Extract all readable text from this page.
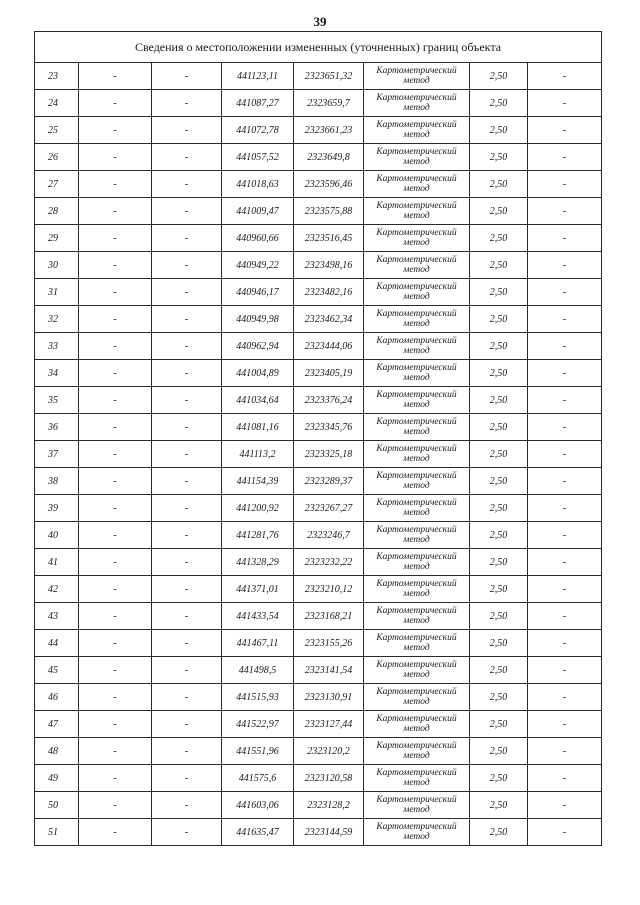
39
Сведения о местоположении измененных (уточненных) границ объекта							
23	-	-	441123,11	2323651,32	Картометрический
метод	2,50	-
24	-	-	441087,27	2323659,7	Картометрический
метод	2,50	-
25	-	-	441072,78	2323661,23	Картометрический
метод	2,50	-
26	-	-	441057,52	2323649,8	Картометрический
метод	2,50	-
27	-	-	441018,63	2323596,46	Картометрический
метод	2,50	-
28	-	-	441009,47	2323575,88	Картометрический
метод	2,50	-
29	-	-	440960,66	2323516,45	Картометрический
метод	2,50	-
30	-	-	440949,22	2323498,16	Картометрический
метод	2,50	-
31	-	-	440946,17	2323482,16	Картометрический
метод	2,50	-
32	-	-	440949,98	2323462,34	Картометрический
метод	2,50	-
33	-	-	440962,94	2323444,06	Картометрический
метод	2,50	-
34	-	-	441004,89	2323405,19	Картометрический
метод	2,50	-
35	-	-	441034,64	2323376,24	Картометрический
метод	2,50	-
36	-	-	441081,16	2323345,76	Картометрический
метод	2,50	-
37	-	-	441113,2	2323325,18	Картометрический
метод	2,50	-
38	-	-	441154,39	2323289,37	Картометрический
метод	2,50	-
39	-	-	441200,92	2323267,27	Картометрический
метод	2,50	-
40	-	-	441281,76	2323246,7	Картометрический
метод	2,50	-
41	-	-	441328,29	2323232,22	Картометрический
метод	2,50	-
42	-	-	441371,01	2323210,12	Картометрический
метод	2,50	-
43	-	-	441433,54	2323168,21	Картометрический
метод	2,50	-
44	-	-	441467,11	2323155,26	Картометрический
метод	2,50	-
45	-	-	441498,5	2323141,54	Картометрический
метод	2,50	-
46	-	-	441515,93	2323130,91	Картометрический
метод	2,50	-
47	-	-	441522,97	2323127,44	Картометрический
метод	2,50	-
48	-	-	441551,96	2323120,2	Картометрический
метод	2,50	-
49	-	-	441575,6	2323120,58	Картометрический
метод	2,50	-
50	-	-	441603,06	2323128,2	Картометрический
метод	2,50	-
51	-	-	441635,47	2323144,59	Картометрический
метод	2,50	-
